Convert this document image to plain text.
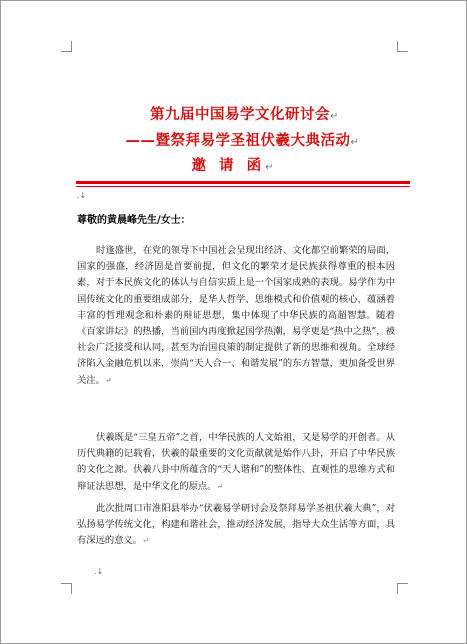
第九届中国易学文化研讨会↵
——暨祭拜易学圣祖伏羲大典活动↵
邀 请 函↵
.↓
尊敬的黄晨峰先生/女士：
时逢盛世，在党的领导下中国社会呈现出经济、文化都空前繁荣的局面，国家的强盛，经济固是首要前提，但文化的繁荣才是民族获得尊重的根本因素，对于本民族文化的体认与自信实质上是一个国家成熟的表现。易学作为中国传统文化的重要组成部分，是华人哲学、思维模式和价值观的核心，蕴涵着丰富的哲理观念和朴素的辩证思想，集中体现了中华民族的高超智慧。随着《百家讲坛》的热播，当前国内再度掀起国学热潮，易学更是“热中之热”，被社会广泛接受和认同，甚至为治国良策的制定提供了新的思维和视角。全球经济陷入金融危机以来，崇尚“天人合一、和谐发展”的东方智慧，更加备受世界关注。↵
伏羲既是“三皇五帝”之首，中华民族的人文始祖，又是易学的开创者。从历代典籍的记载看，伏羲的最重要的文化贡献就是始作八卦，开启了中华民族的文化之源。伏羲八卦中所蕴含的“天人谐和”的整体性、直观性的思维方式和辩证法思想，是中华文化的原点。↵
此次批周口市淮阳县举办“伏羲易学研讨会及祭拜易学圣祖伏羲大典”，对弘扬易学传统文化，构建和谐社会，推动经济发展，指导大众生活等方面，具有深远的意义。↵
.↓
